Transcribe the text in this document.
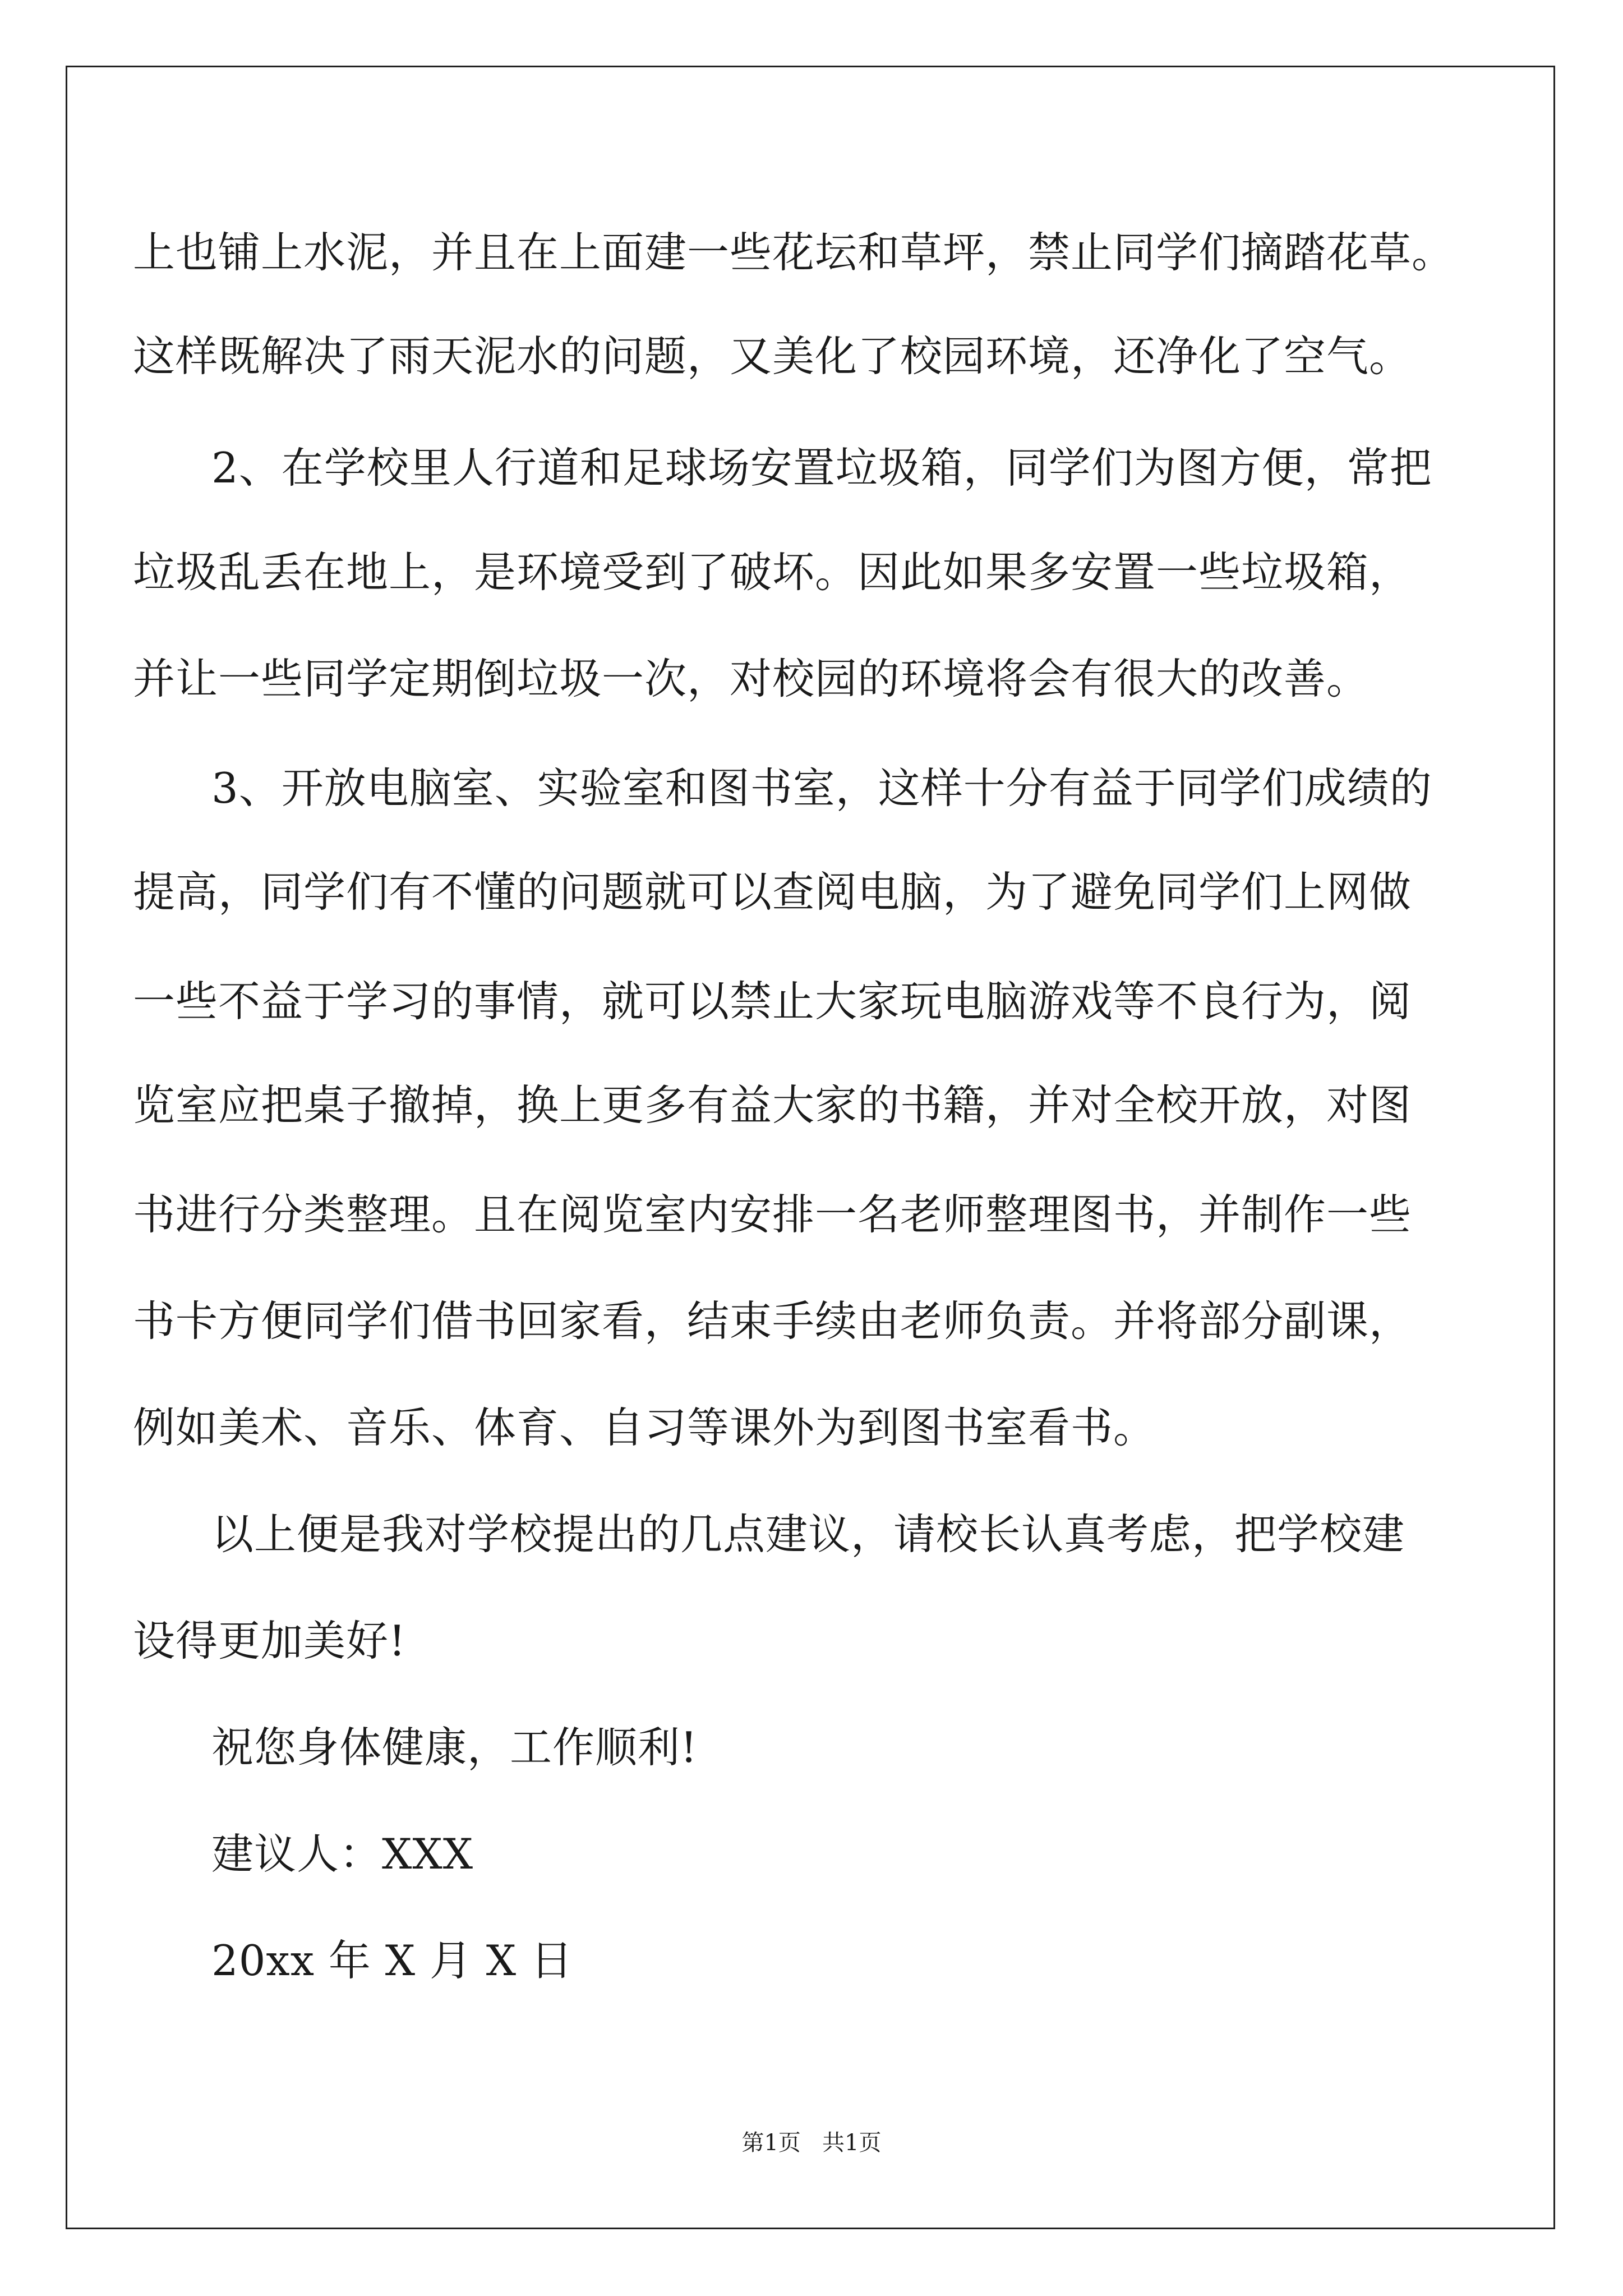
上也铺上水泥，并且在上面建一些花坛和草坪，禁止同学们摘踏花草。
这样既解决了雨天泥水的问题，又美化了校园环境，还净化了空气。
2、在学校里人行道和足球场安置垃圾箱，同学们为图方便，常把
垃圾乱丢在地上，是环境受到了破坏。因此如果多安置一些垃圾箱，
并让一些同学定期倒垃圾一次，对校园的环境将会有很大的改善。
3、开放电脑室、实验室和图书室，这样十分有益于同学们成绩的
提高，同学们有不懂的问题就可以查阅电脑，为了避免同学们上网做
一些不益于学习的事情，就可以禁止大家玩电脑游戏等不良行为，阅
览室应把桌子撤掉，换上更多有益大家的书籍，并对全校开放，对图
书进行分类整理。且在阅览室内安排一名老师整理图书，并制作一些
书卡方便同学们借书回家看，结束手续由老师负责。并将部分副课，
例如美术、音乐、体育、自习等课外为到图书室看书。
以上便是我对学校提出的几点建议，请校长认真考虑，把学校建
设得更加美好!
祝您身体健康，工作顺利!
建议人：XXX
20xx 年 X 月 X 日
第1页   共1页
